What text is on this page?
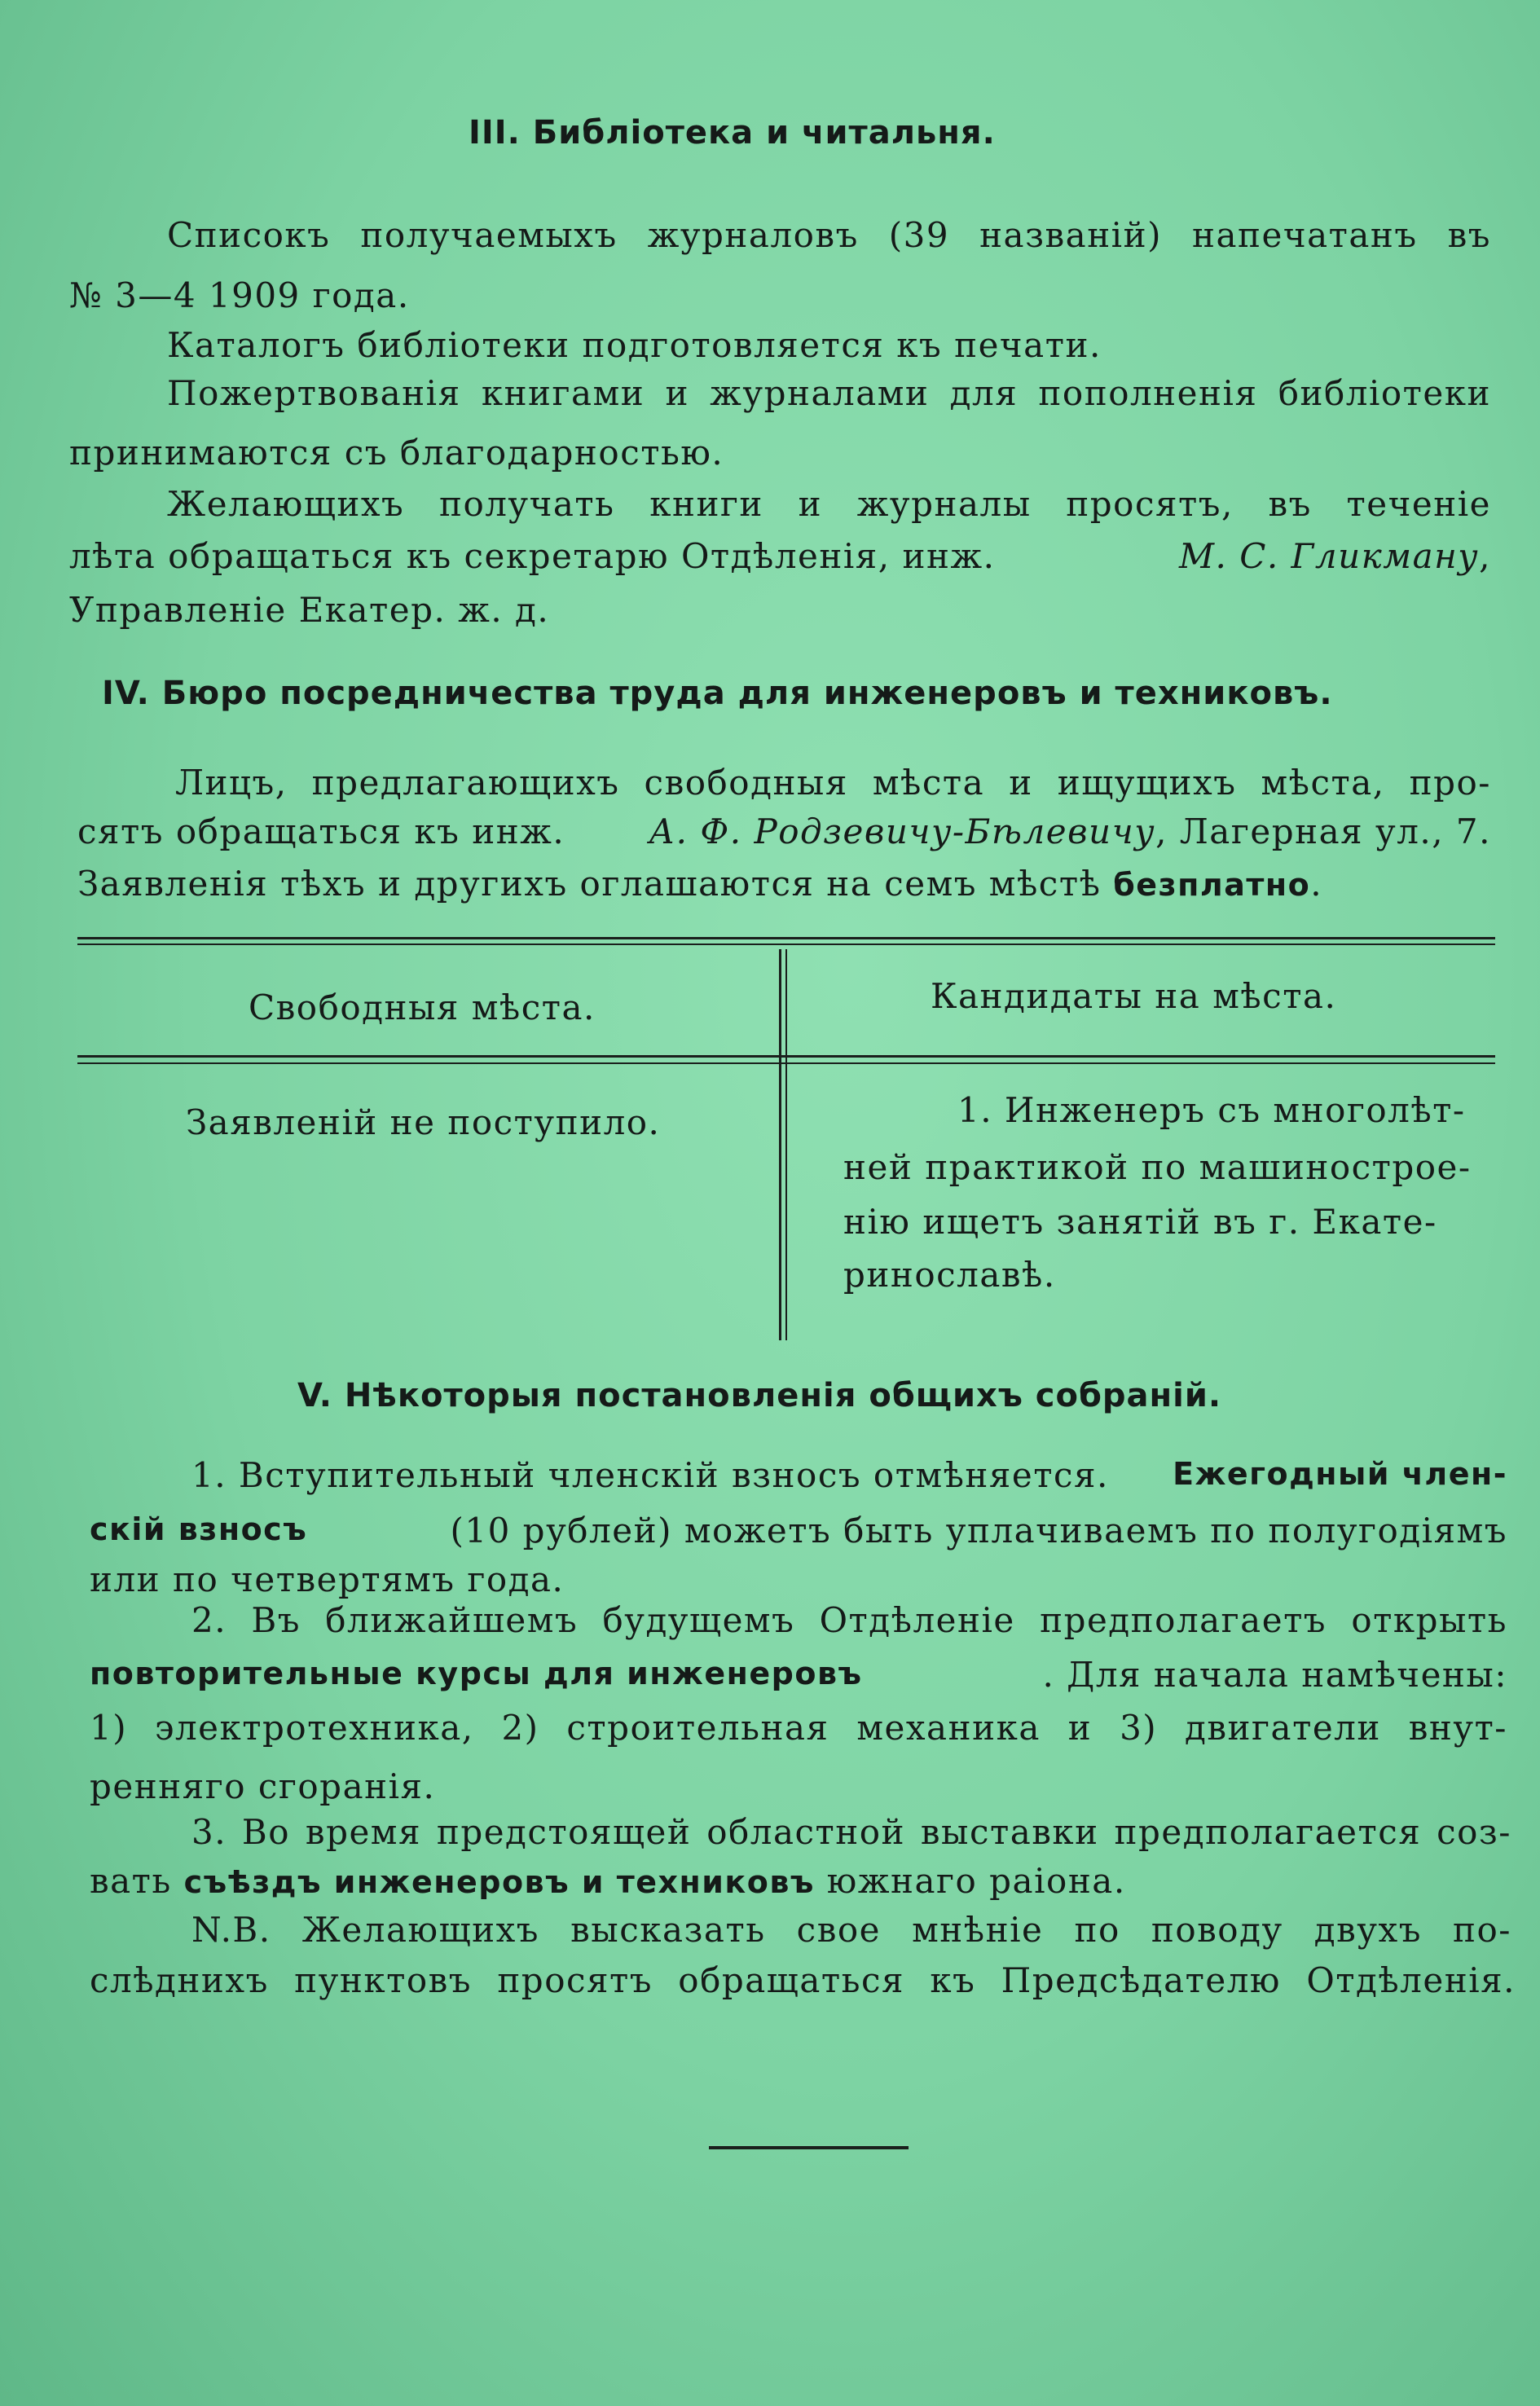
III. Библіотека и читальня.
Списокъ получаемыхъ журналовъ (39 названій) напечатанъ въ
№ 3—4 1909 года.
Каталогъ библіотеки подготовляется къ печати.
Пожертвованія книгами и журналами для пополненія библіотеки
принимаются съ благодарностью.
Желающихъ получать книги и журналы просятъ, въ теченіе
лѣта обращаться къ секретарю Отдѣленія, инж.	М. С. Гликману,
Управленіе Екатер. ж. д.
IV. Бюро посредничества труда для инженеровъ и техниковъ.
Лицъ, предлагающихъ свободныя мѣста и ищущихъ мѣста, про-
сятъ обращаться къ инж. А. Ф. Родзевичу-Бѣлевичу, Лагерная ул., 7.
Заявленія тѣхъ и другихъ оглашаются на семъ мѣстѣ безплатно.
Свободныя мѣста.	Кандидаты на мѣста.
Заявленій не поступило.	1. Инженеръ съ многолѣт-
ней практикой по машинострое-
нію ищетъ занятій въ г. Екате-
ринославѣ.
V. Нѣкоторыя постановленія общихъ собраній.
1. Вступительный членскій взносъ отмѣняется. Ежегодный член-
скій взносъ	(10 рублей) можетъ быть уплачиваемъ по полугодіямъ
или по четвертямъ года.
2. Въ ближайшемъ будущемъ Отдѣленіе предполагаетъ открыть
повторительные курсы для инженеровъ	. Для начала намѣчены:
1) электротехника, 2) строительная механика и 3) двигатели внут-
ренняго сгоранія.
3. Во время предстоящей областной выставки предполагается соз-
вать съѣздъ инженеровъ и техниковъ южнаго раіона.
N.B. Желающихъ высказать свое мнѣніе по поводу двухъ по-
слѣднихъ пунктовъ просятъ обращаться къ Предсѣдателю Отдѣленія.
